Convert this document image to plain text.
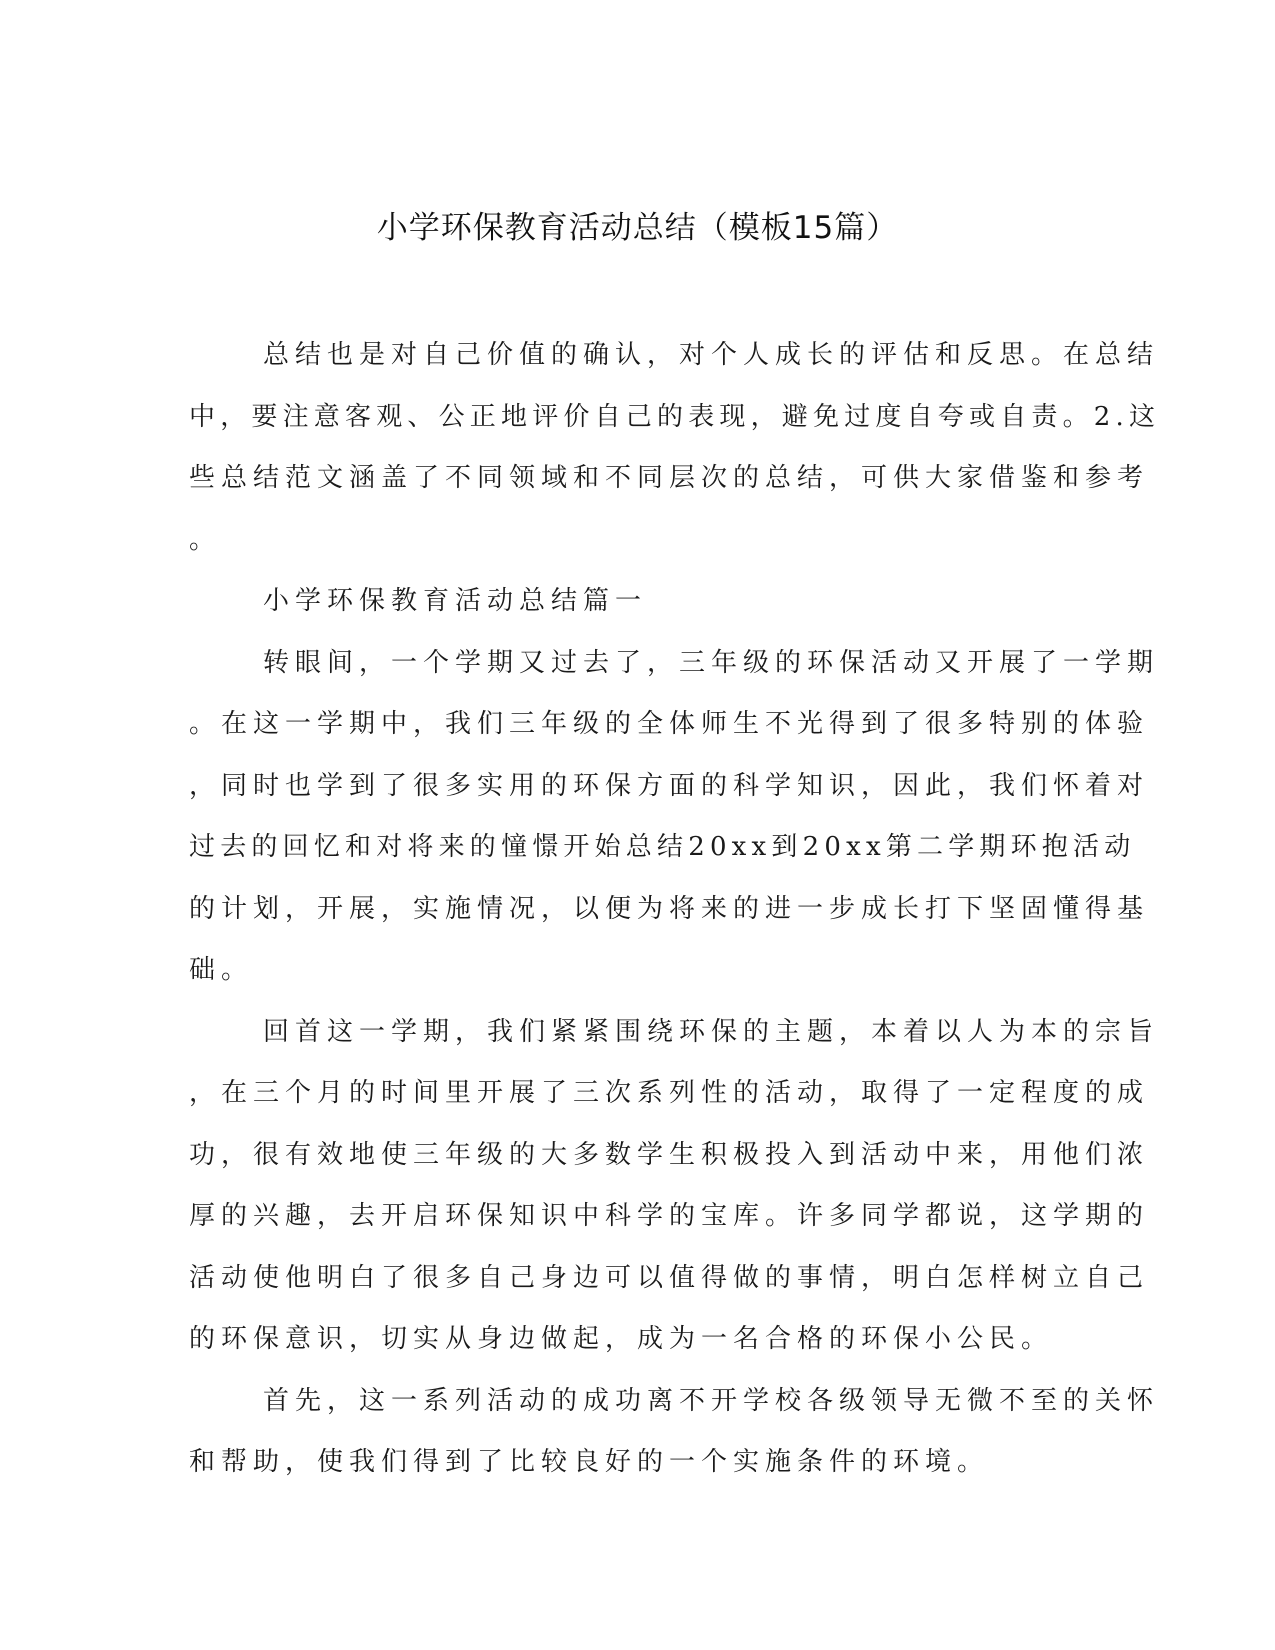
小学环保教育活动总结（模板15篇）
总结也是对自己价值的确认，对个人成长的评估和反思。在总结
中，要注意客观、公正地评价自己的表现，避免过度自夸或自责。2.这
些总结范文涵盖了不同领域和不同层次的总结，可供大家借鉴和参考
。
小学环保教育活动总结篇一
转眼间，一个学期又过去了，三年级的环保活动又开展了一学期
。在这一学期中，我们三年级的全体师生不光得到了很多特别的体验
，同时也学到了很多实用的环保方面的科学知识，因此，我们怀着对
过去的回忆和对将来的憧憬开始总结20xx到20xx第二学期环抱活动
的计划，开展，实施情况，以便为将来的进一步成长打下坚固懂得基
础。
回首这一学期，我们紧紧围绕环保的主题，本着以人为本的宗旨
，在三个月的时间里开展了三次系列性的活动，取得了一定程度的成
功，很有效地使三年级的大多数学生积极投入到活动中来，用他们浓
厚的兴趣，去开启环保知识中科学的宝库。许多同学都说，这学期的
活动使他明白了很多自己身边可以值得做的事情，明白怎样树立自己
的环保意识，切实从身边做起，成为一名合格的环保小公民。
首先，这一系列活动的成功离不开学校各级领导无微不至的关怀
和帮助，使我们得到了比较良好的一个实施条件的环境。
